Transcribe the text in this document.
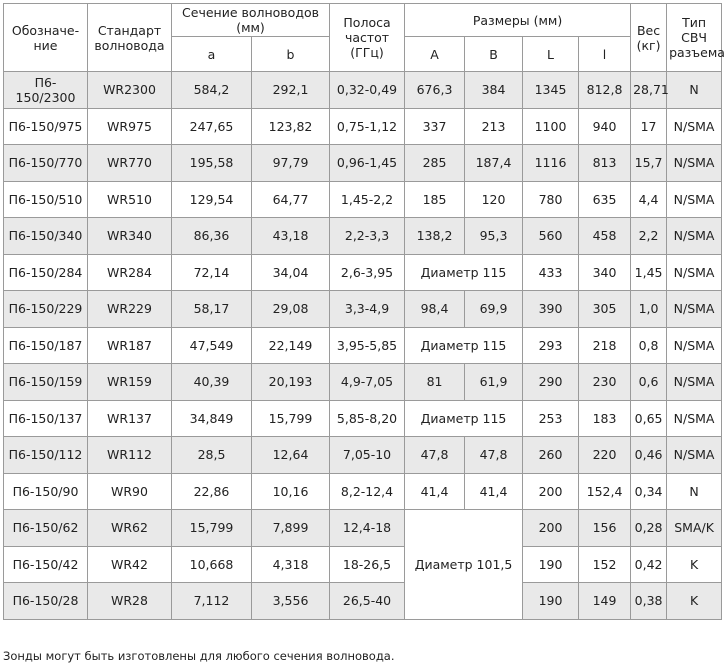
Обозначе-
ние	Стандарт волновода	Сечение волноводов (мм)		Полоса частот (ГГц)	Размеры (мм)				Вес (кг)	Тип СВЧ разъема
		a	b		A	B	L	l		
П6-150/2300	WR2300	584,2	292,1	0,32-0,49	676,3	384	1345	812,8	28,71	N
П6-150/975	WR975	247,65	123,82	0,75-1,12	337	213	1100	940	17	N/SMA
П6-150/770	WR770	195,58	97,79	0,96-1,45	285	187,4	1116	813	15,7	N/SMA
П6-150/510	WR510	129,54	64,77	1,45-2,2	185	120	780	635	4,4	N/SMA
П6-150/340	WR340	86,36	43,18	2,2-3,3	138,2	95,3	560	458	2,2	N/SMA
П6-150/284	WR284	72,14	34,04	2,6-3,95	Диаметр 115		433	340	1,45	N/SMA
П6-150/229	WR229	58,17	29,08	3,3-4,9	98,4	69,9	390	305	1,0	N/SMA
П6-150/187	WR187	47,549	22,149	3,95-5,85	Диаметр 115		293	218	0,8	N/SMA
П6-150/159	WR159	40,39	20,193	4,9-7,05	81	61,9	290	230	0,6	N/SMA
П6-150/137	WR137	34,849	15,799	5,85-8,20	Диаметр 115		253	183	0,65	N/SMA
П6-150/112	WR112	28,5	12,64	7,05-10	47,8	47,8	260	220	0,46	N/SMA
П6-150/90	WR90	22,86	10,16	8,2-12,4	41,4	41,4	200	152,4	0,34	N
П6-150/62	WR62	15,799	7,899	12,4-18	Диаметр 101,5		200	156	0,28	SMA/K
П6-150/42	WR42	10,668	4,318	18-26,5			190	152	0,42	K
П6-150/28	WR28	7,112	3,556	26,5-40			190	149	0,38	K
Зонды могут быть изготовлены для любого сечения волновода.
